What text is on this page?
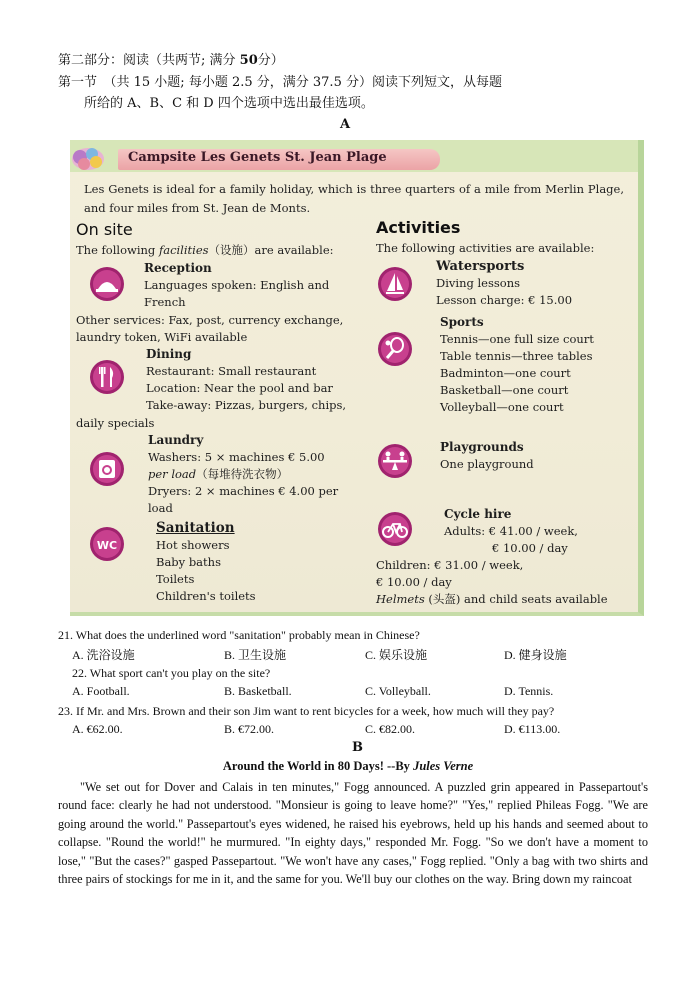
第二部分：阅读（共两节; 满分 50分）
第一节　（共 15 小题; 每小题 2.5 分，满分 37.5 分）阅读下列短文，从每题
所给的 A、B、C 和 D 四个选项中选出最佳选项。
A
Campsite Les Genets St. Jean Plage
Les Genets is ideal for a family holiday, which is three quarters of a mile from Merlin Plage, and four miles from St. Jean de Monts.
On site
The following facilities（设施）are available:
Reception
Languages spoken: English and
French
Other services: Fax, post, currency exchange,
laundry token, WiFi available
Dining
Restaurant: Small restaurant
Location: Near the pool and bar
Take-away: Pizzas, burgers, chips,
daily specials
Laundry
Washers: 5 × machines € 5.00
per load（每堆待洗衣物）
Dryers: 2 × machines € 4.00 per
load
WC
Sanitation
Hot showers
Baby baths
Toilets
Children's toilets
Activities
The following activities are available:
Watersports
Diving lessons
Lesson charge: € 15.00
Sports
Tennis—one full size court
Table tennis—three tables
Badminton—one court
Basketball—one court
Volleyball—one court
Playgrounds
One playground
Cycle hire
Adults: € 41.00 / week,
€ 10.00 / day
Children: € 31.00 / week,
€ 10.00 / day
Helmets (头盔) and child seats available
21. What does the underlined word "sanitation" probably mean in Chinese?
A. 洗浴设施	B. 卫生设施	C. 娱乐设施	D. 健身设施
22. What sport can't you play on the site?
A. Football.	B. Basketball.	C. Volleyball.	D. Tennis.
23. If Mr. and Mrs. Brown and their son Jim want to rent bicycles for a week, how much will they pay?
A. €62.00.	B. €72.00.	C. €82.00.	D. €113.00.
B
Around the World in 80 Days! --By Jules Verne
"We set out for Dover and Calais in ten minutes," Fogg announced. A puzzled grin appeared in Passepartout's round face: clearly he had not understood. "Monsieur is going to leave home?" "Yes," replied Phileas Fogg. "We are going around the world." Passepartout's eyes widened, he raised his eyebrows, held up his hands and seemed about to collapse. "Round the world!" he murmured. "In eighty days," responded Mr. Fogg. "So we don't have a moment to lose," "But the cases?" gasped Passepartout. "We won't have any cases," Fogg replied. "Only a bag with two shirts and three pairs of stockings for me in it, and the same for you. We'll buy our clothes on the way. Bring down my raincoat
